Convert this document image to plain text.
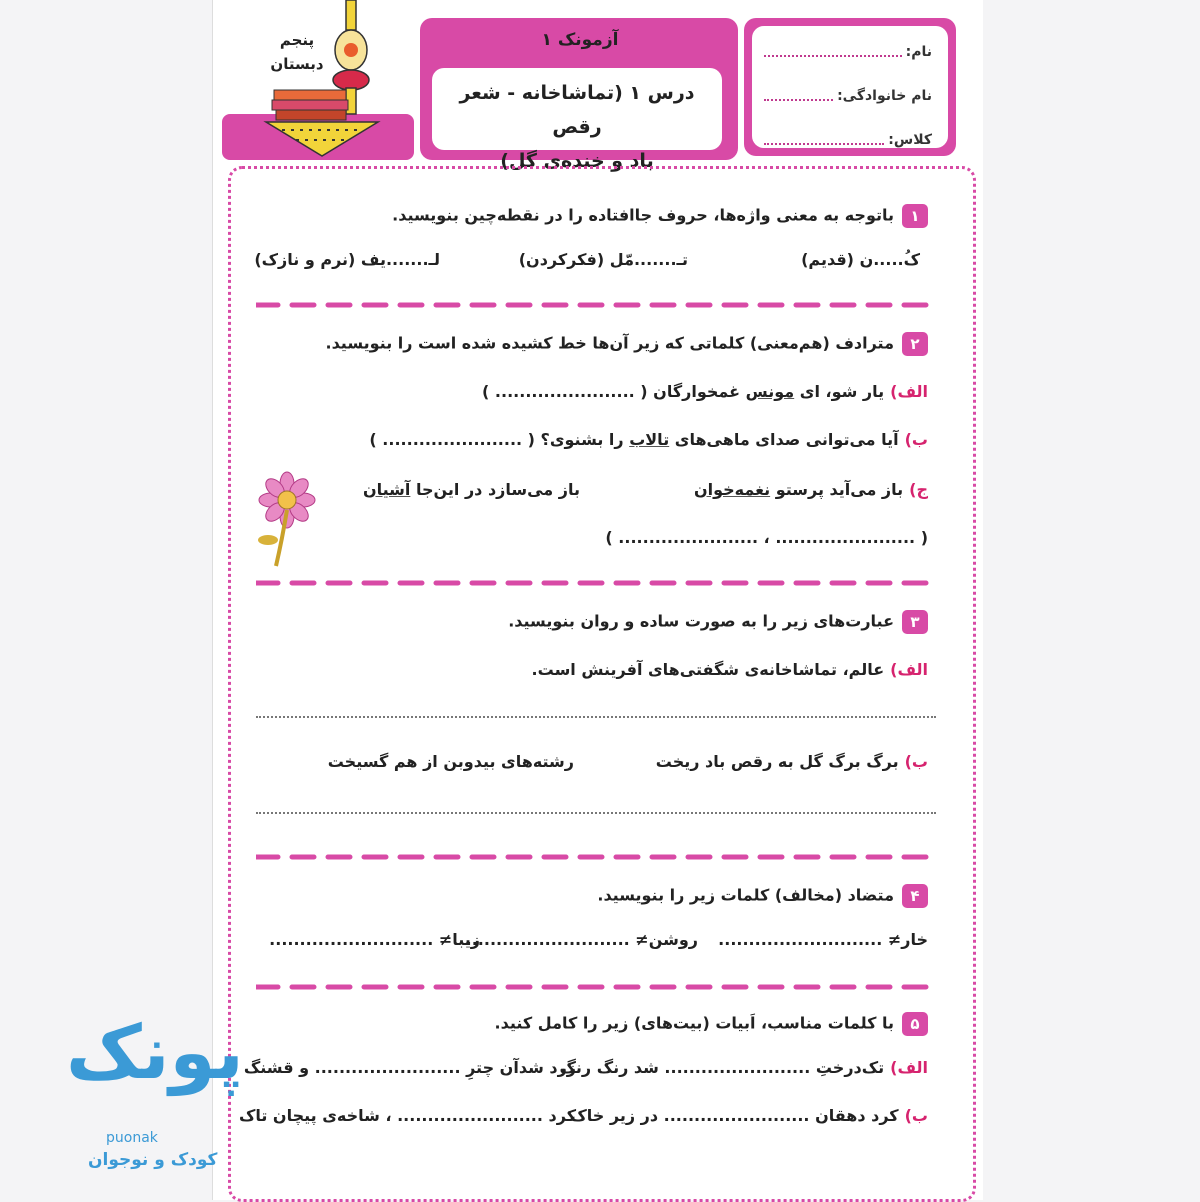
نام:
نام خانوادگی:
کلاس:
آزمونک ۱
درس ۱ (تماشاخانه - شعر رقص
باد و خنده‌ی گل)
پنجم
دبستان
۱باتوجه به معنی واژه‌ها، حروف جاافتاده را در نقطه‌چین بنویسید.
کُ.....ن (قدیم)
تـ.......مّل (فکرکردن)
لـ.......یف (نرم و نازک)
۲مترادف (هم‌معنی) کلماتی که زیر آن‌ها خط کشیده شده است را بنویسید.
الف)یار شو، ای مونس غمخوارگان ( ....................... )
ب)آیا می‌توانی صدای ماهی‌های تالاب را بشنوی؟ ( ....................... )
ج)باز می‌آید پرستو نغمه‌خوان
باز می‌سازد در این‌جا آشیان
( ....................... ، ....................... )
۳عبارت‌های زیر را به صورت ساده و روان بنویسید.
الف)عالم، تماشاخانه‌ی شگفتی‌های آفرینش است.
ب)برگ برگ گل به رقص باد ریخت
رشته‌های بیدوبن از هم گسیخت
۴متضاد (مخالف) کلمات زیر را بنویسید.
خار≠ ...........................
روشن≠ ...........................
زیبا≠ ...........................
۵با کلمات مناسب، اَبیات (بیت‌های) زیر را کامل کنید.
الف)تک‌درختِ ........................ شد رنگ رنگ
زرد شدآن چترِ ........................ و قشنگ
ب)کرد دهقان ........................ در زیر خاک
کرد ........................ ، شاخه‌ی پیچان تاک
پونک
puonak
کودک و نوجوان
